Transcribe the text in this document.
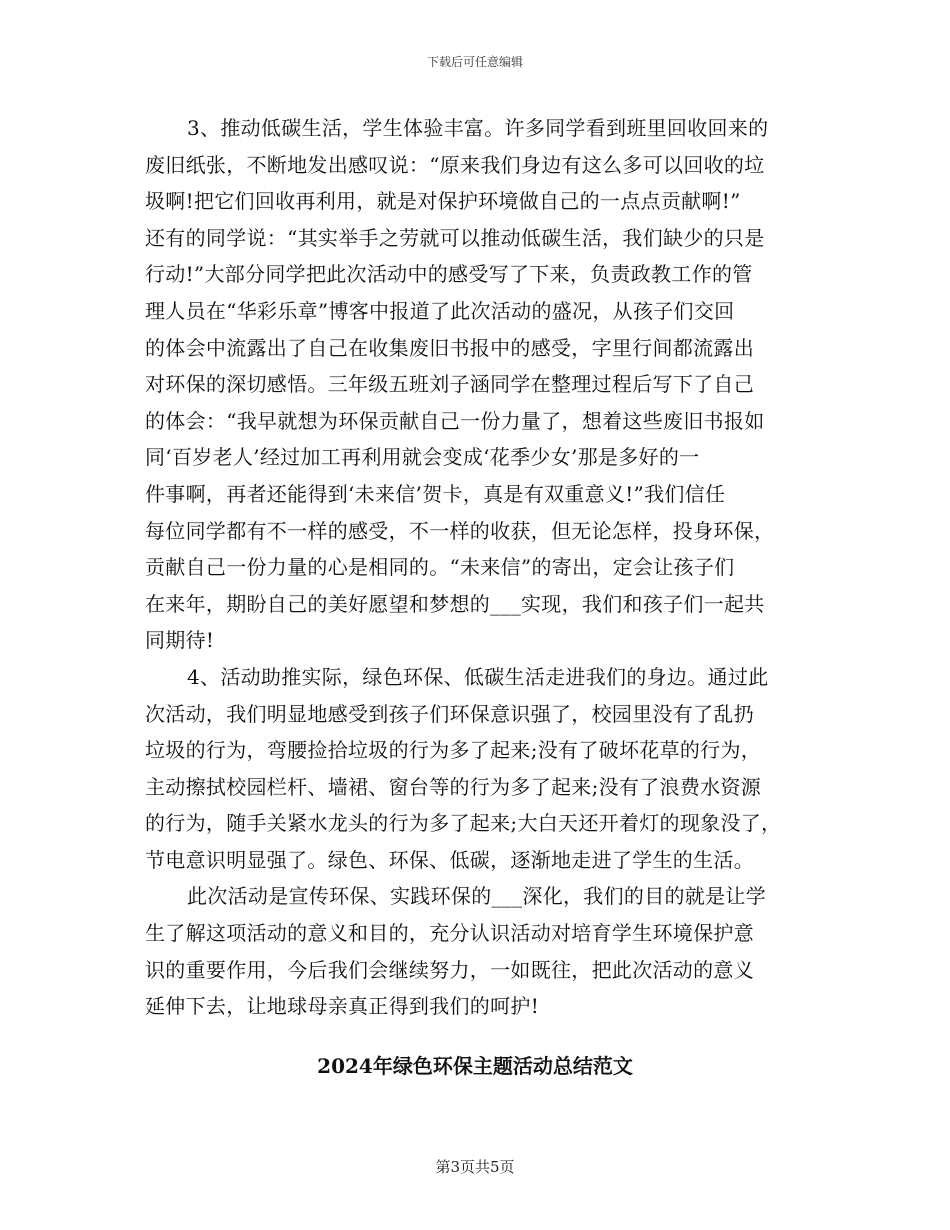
下载后可任意编辑
3、推动低碳生活，学生体验丰富。许多同学看到班里回收回来的
废旧纸张，不断地发出感叹说：“原来我们身边有这么多可以回收的垃
圾啊!把它们回收再利用，就是对保护环境做自己的一点点贡献啊!”
还有的同学说：“其实举手之劳就可以推动低碳生活，我们缺少的只是
行动!”大部分同学把此次活动中的感受写了下来，负责政教工作的管
理人员在“华彩乐章”博客中报道了此次活动的盛况，从孩子们交回
的体会中流露出了自己在收集废旧书报中的感受，字里行间都流露出
对环保的深切感悟。三年级五班刘子涵同学在整理过程后写下了自己
的体会：“我早就想为环保贡献自己一份力量了，想着这些废旧书报如
同‘百岁老人’经过加工再利用就会变成‘花季少女’那是多好的一
件事啊，再者还能得到‘未来信’贺卡，真是有双重意义!”我们信任
每位同学都有不一样的感受，不一样的收获，但无论怎样，投身环保，
贡献自己一份力量的心是相同的。“未来信”的寄出，定会让孩子们
在来年，期盼自己的美好愿望和梦想的___实现，我们和孩子们一起共
同期待!
4、活动助推实际，绿色环保、低碳生活走进我们的身边。通过此
次活动，我们明显地感受到孩子们环保意识强了，校园里没有了乱扔
垃圾的行为，弯腰捡拾垃圾的行为多了起来;没有了破坏花草的行为，
主动擦拭校园栏杆、墙裙、窗台等的行为多了起来;没有了浪费水资源
的行为，随手关紧水龙头的行为多了起来;大白天还开着灯的现象没了，
节电意识明显强了。绿色、环保、低碳，逐渐地走进了学生的生活。
此次活动是宣传环保、实践环保的___深化，我们的目的就是让学
生了解这项活动的意义和目的，充分认识活动对培育学生环境保护意
识的重要作用，今后我们会继续努力，一如既往，把此次活动的意义
延伸下去，让地球母亲真正得到我们的呵护!
2024年绿色环保主题活动总结范文
第3页共5页
